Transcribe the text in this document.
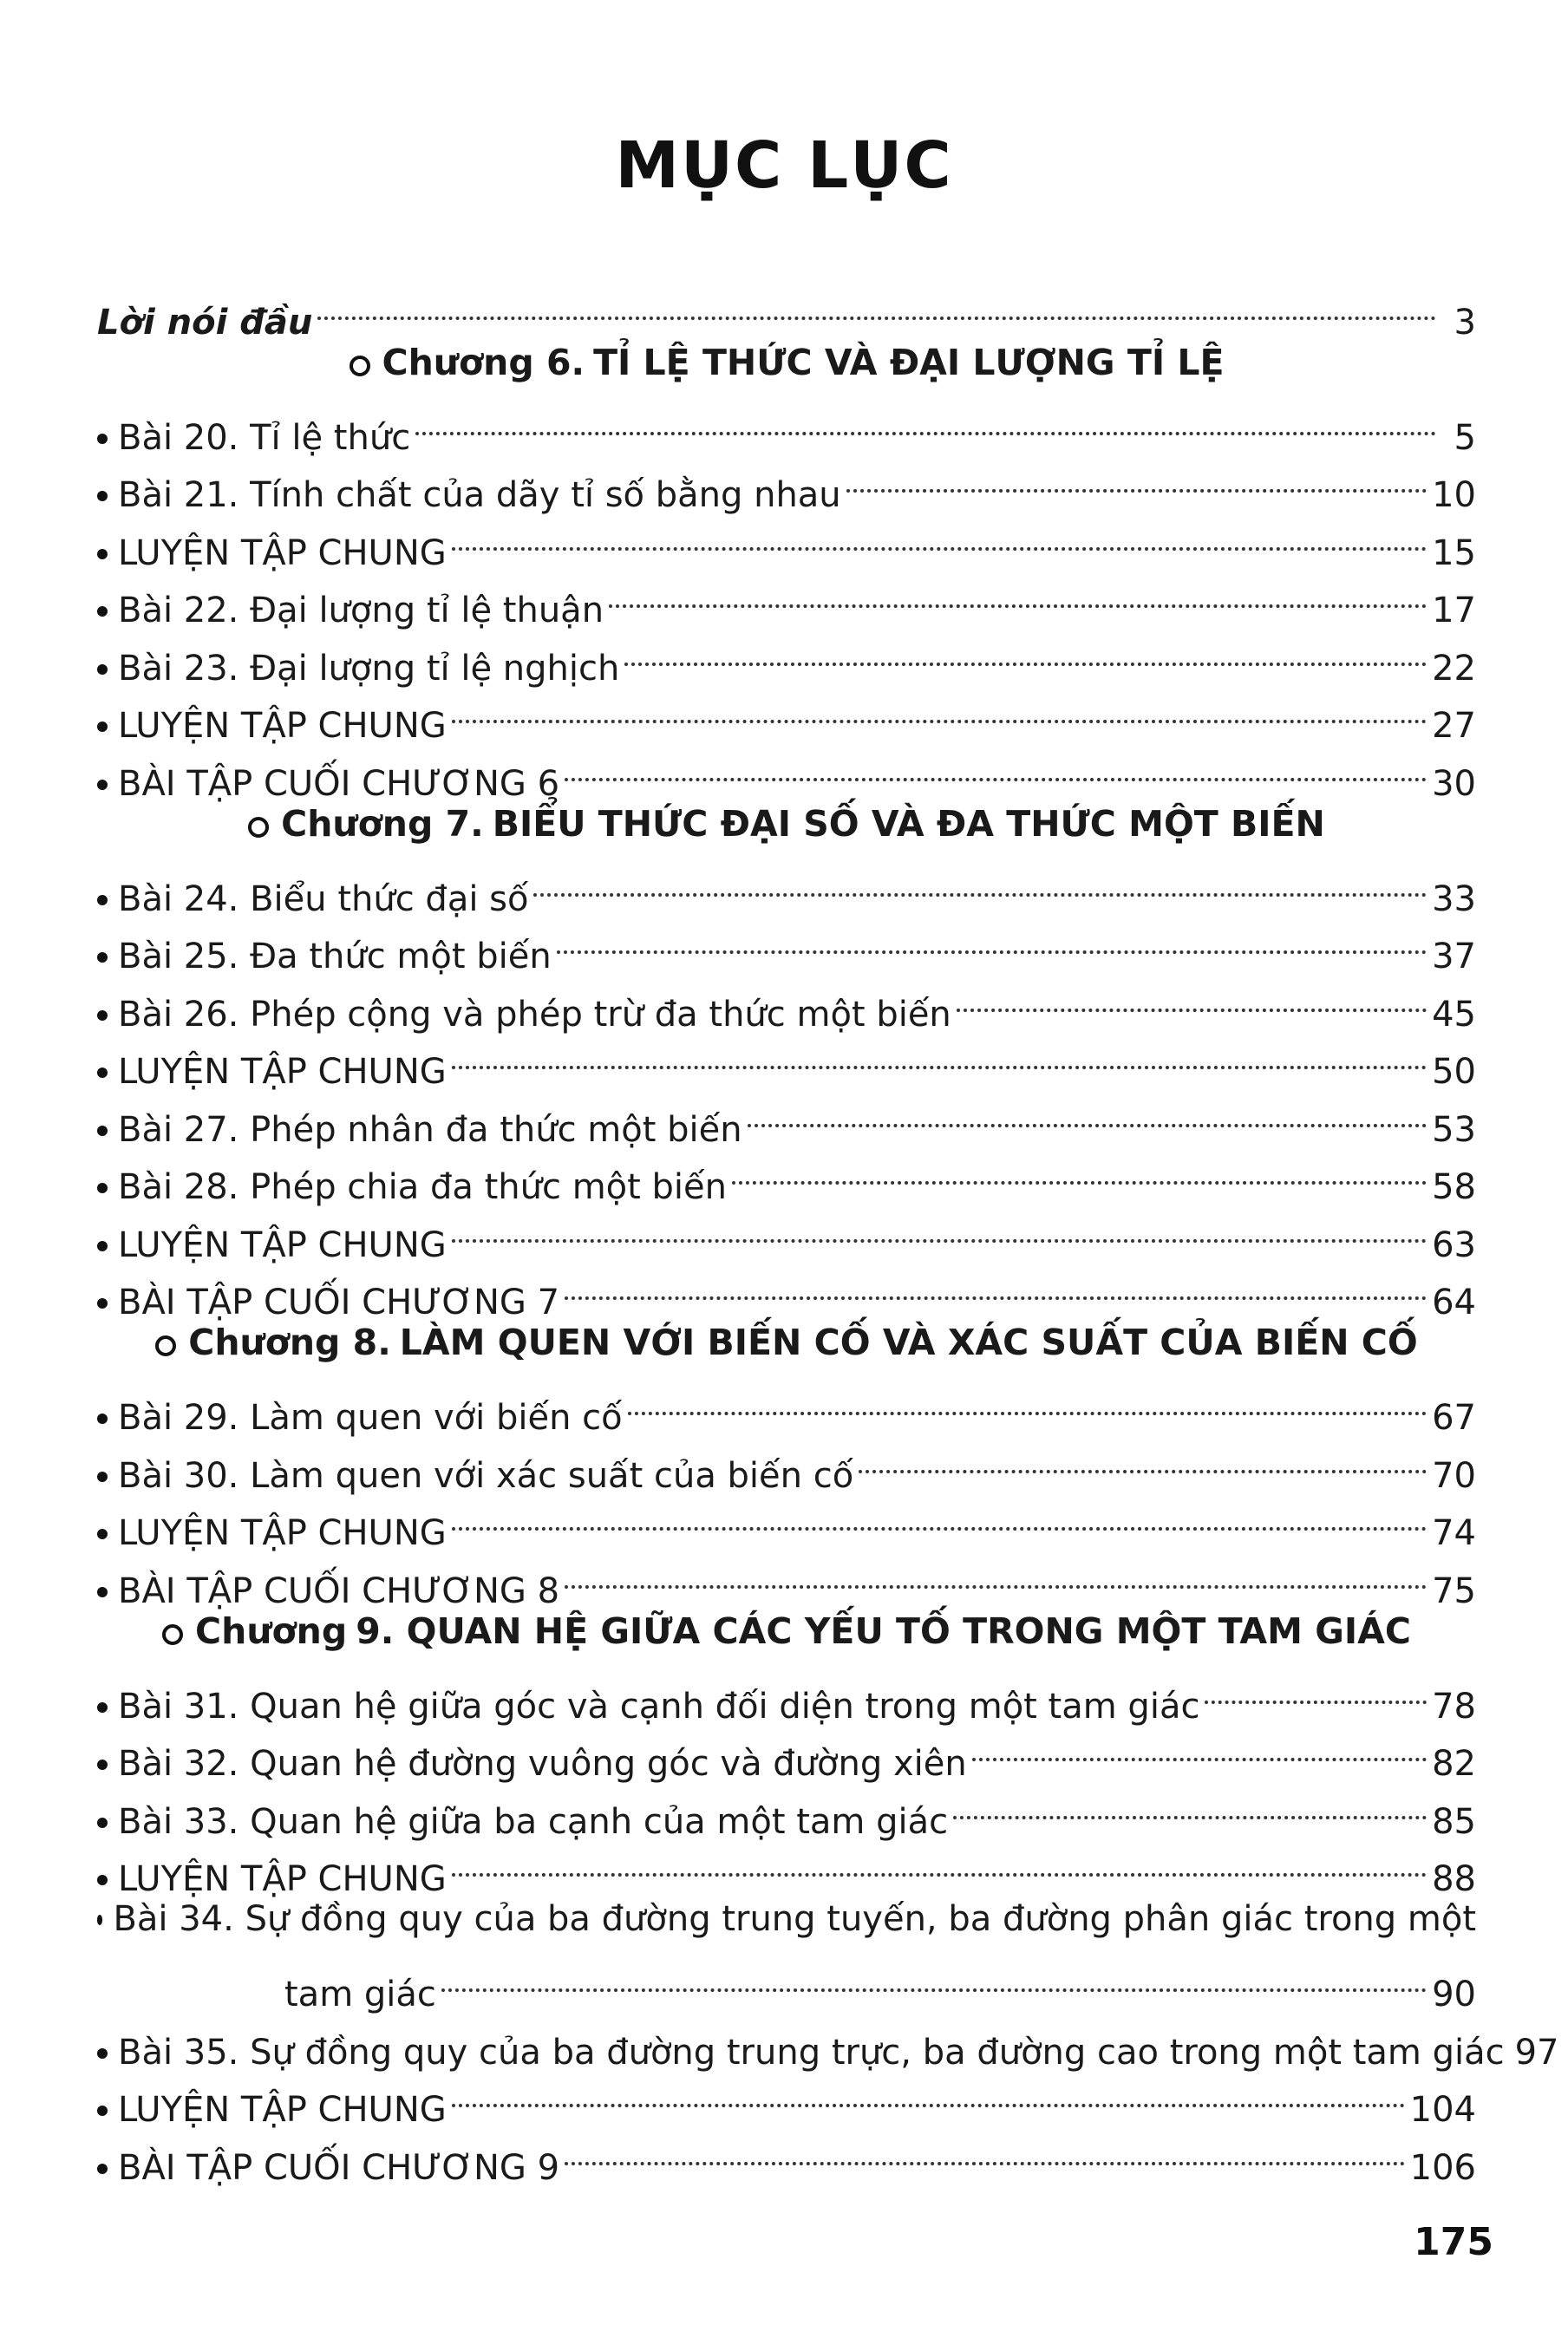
MỤC LỤC
Lời nói đầu	3
Chương 6. TỈ LỆ THỨC VÀ ĐẠI LƯỢNG TỈ LỆ
Bài 20. Tỉ lệ thức	5
Bài 21. Tính chất của dãy tỉ số bằng nhau	10
LUYỆN TẬP CHUNG	15
Bài 22. Đại lượng tỉ lệ thuận	17
Bài 23. Đại lượng tỉ lệ nghịch	22
LUYỆN TẬP CHUNG	27
BÀI TẬP CUỐI CHƯƠNG 6	30
Chương 7. BIỂU THỨC ĐẠI SỐ VÀ ĐA THỨC MỘT BIẾN
Bài 24. Biểu thức đại số	33
Bài 25. Đa thức một biến	37
Bài 26. Phép cộng và phép trừ đa thức một biến	45
LUYỆN TẬP CHUNG	50
Bài 27. Phép nhân đa thức một biến	53
Bài 28. Phép chia đa thức một biến	58
LUYỆN TẬP CHUNG	63
BÀI TẬP CUỐI CHƯƠNG 7	64
Chương 8. LÀM QUEN VỚI BIẾN CỐ VÀ XÁC SUẤT CỦA BIẾN CỐ
Bài 29. Làm quen với biến cố	67
Bài 30. Làm quen với xác suất của biến cố	70
LUYỆN TẬP CHUNG	74
BÀI TẬP CUỐI CHƯƠNG 8	75
Chương 9. QUAN HỆ GIỮA CÁC YẾU TỐ TRONG MỘT TAM GIÁC
Bài 31. Quan hệ giữa góc và cạnh đối diện trong một tam giác	78
Bài 32. Quan hệ đường vuông góc và đường xiên	82
Bài 33. Quan hệ giữa ba cạnh của một tam giác	85
LUYỆN TẬP CHUNG	88
Bài 34. Sự đồng quy của ba đường trung tuyến, ba đường phân giác trong một
tam giác	90
Bài 35. Sự đồng quy của ba đường trung trực, ba đường cao trong một tam giác 97
LUYỆN TẬP CHUNG	104
BÀI TẬP CUỐI CHƯƠNG 9	106
175
